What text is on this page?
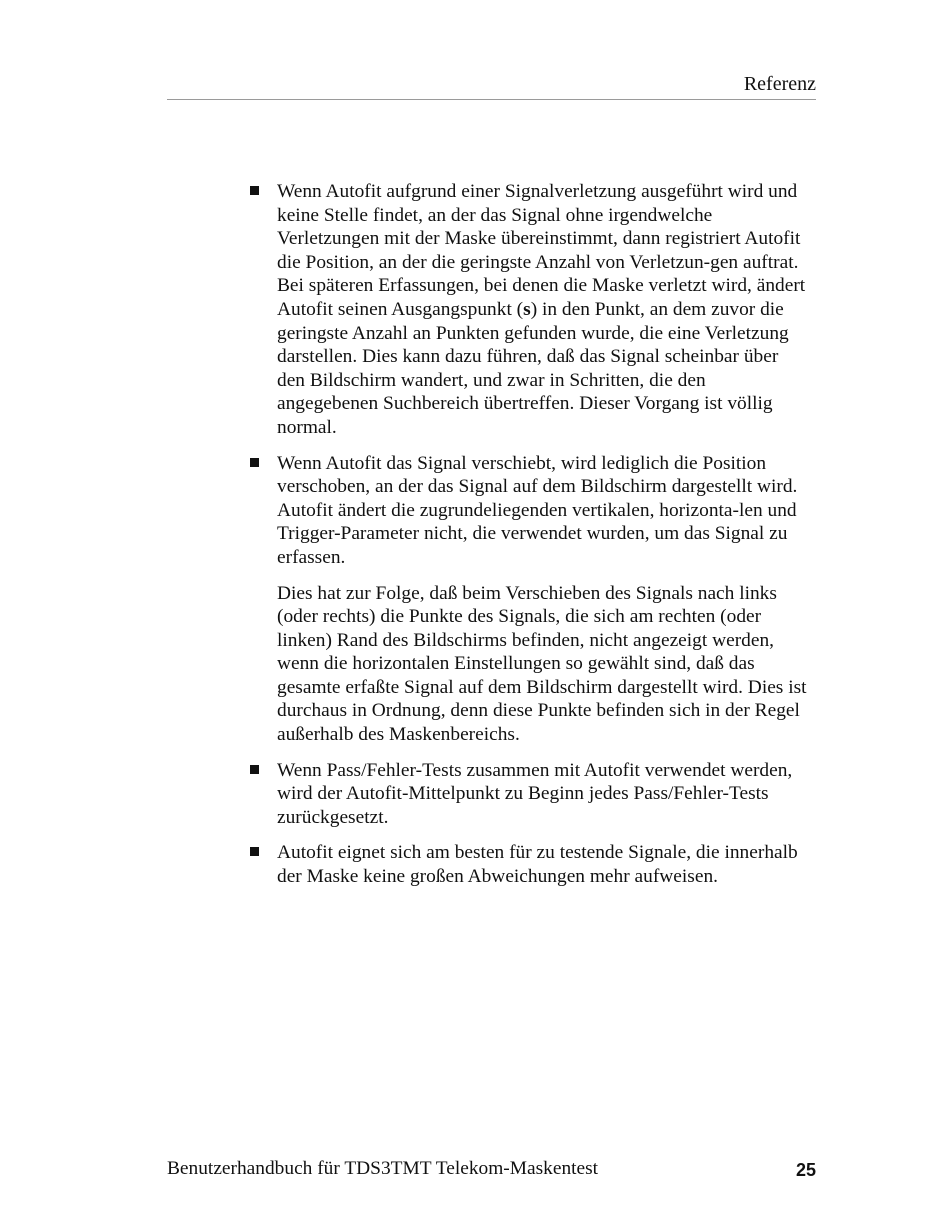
Referenz

Wenn Autofit aufgrund einer Signalverletzung ausgeführt wird und keine Stelle findet, an der das Signal ohne irgendwelche Verletzungen mit der Maske übereinstimmt, dann registriert Autofit die Position, an der die geringste Anzahl von Verletzun-gen auftrat. Bei späteren Erfassungen, bei denen die Maske verletzt wird, ändert Autofit seinen Ausgangspunkt (s) in den Punkt, an dem zuvor die geringste Anzahl an Punkten gefunden wurde, die eine Verletzung darstellen. Dies kann dazu führen, daß das Signal scheinbar über den Bildschirm wandert, und zwar in Schritten, die den angegebenen Suchbereich übertreffen. Dieser Vorgang ist völlig normal.

Wenn Autofit das Signal verschiebt, wird lediglich die Position verschoben, an der das Signal auf dem Bildschirm dargestellt wird. Autofit ändert die zugrundeliegenden vertikalen, horizonta-len und Trigger-Parameter nicht, die verwendet wurden, um das Signal zu erfassen.

Dies hat zur Folge, daß beim Verschieben des Signals nach links (oder rechts) die Punkte des Signals, die sich am rechten (oder linken) Rand des Bildschirms befinden, nicht angezeigt werden, wenn die horizontalen Einstellungen so gewählt sind, daß das gesamte erfaßte Signal auf dem Bildschirm dargestellt wird. Dies ist durchaus in Ordnung, denn diese Punkte befinden sich in der Regel außerhalb des Maskenbereichs.

Wenn Pass/Fehler-Tests zusammen mit Autofit verwendet werden, wird der Autofit-Mittelpunkt zu Beginn jedes Pass/Fehler-Tests zurückgesetzt.

Autofit eignet sich am besten für zu testende Signale, die innerhalb der Maske keine großen Abweichungen mehr aufweisen.

Benutzerhandbuch für TDS3TMT Telekom-Maskentest	25
